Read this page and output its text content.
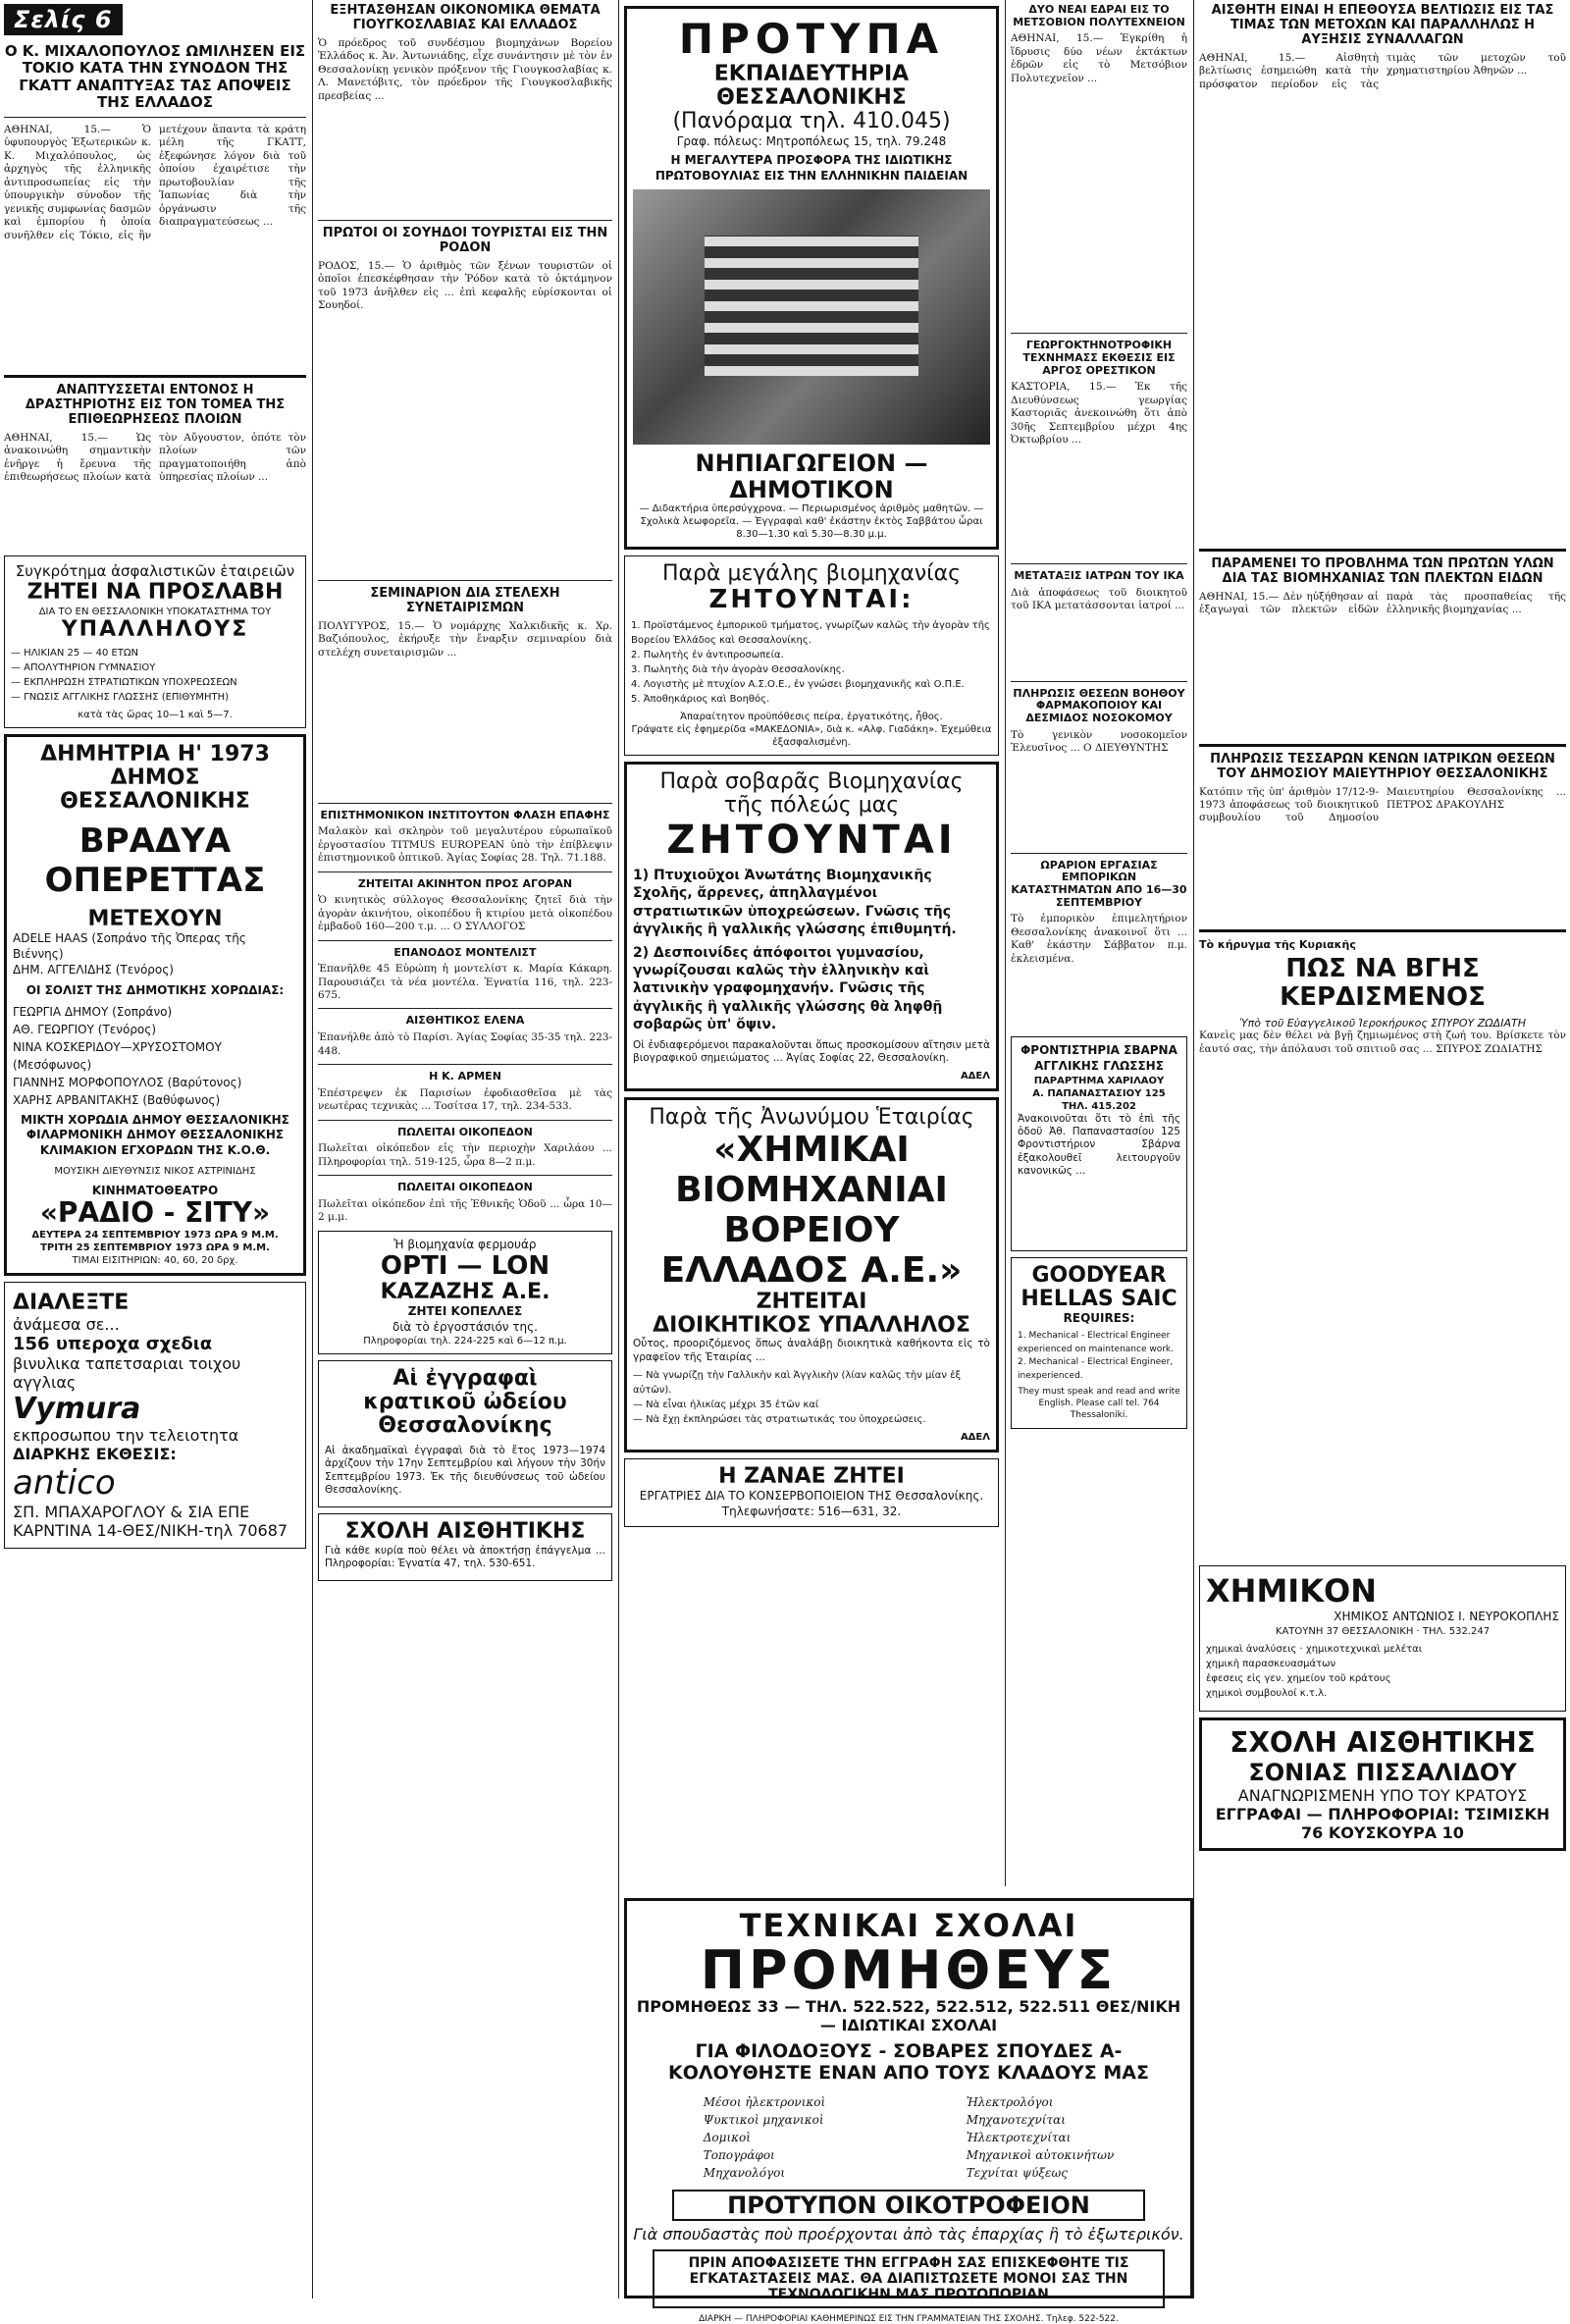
Σελίς 6
Ο Κ. ΜΙΧΑΛΟΠΟΥΛΟΣ ΩΜΙΛΗΣΕΝ ΕΙΣ ΤΟΚΙΟ ΚΑΤΑ ΤΗΝ ΣΥΝΟΔΟΝ ΤΗΣ ΓΚΑΤΤ ΑΝΑΠΤΥΞΑΣ ΤΑΣ ΑΠΟΨΕΙΣ ΤΗΣ ΕΛΛΑΔΟΣ

ΑΘΗΝΑΙ, 15.— Ὁ ὑφυπουργὸς Ἐξωτερικῶν κ. Κ. Μιχαλόπουλος, ὡς ἀρχηγὸς τῆς ἑλληνικῆς ἀντιπροσωπείας εἰς τὴν ὑπουργικὴν σύνοδον τῆς γενικῆς συμφωνίας δασμῶν καὶ ἐμπορίου ἡ ὁποία συνῆλθεν εἰς Τόκιο, εἰς ἣν μετέχουν ἅπαντα τὰ κράτη μέλη τῆς ΓΚΑΤΤ, ἐξεφώνησε λόγον διὰ τοῦ ὁποίου ἐχαιρέτισε τὴν πρωτοβουλίαν τῆς Ἰαπωνίας διὰ τὴν ὀργάνωσιν τῆς διαπραγματεύσεως ...

ΑΝΑΠΤΥΣΣΕΤΑΙ ΕΝΤΟΝΟΣ Η ΔΡΑΣΤΗΡΙΟΤΗΣ ΕΙΣ ΤΟΝ ΤΟΜΕΑ ΤΗΣ ΕΠΙΘΕΩΡΗΣΕΩΣ ΠΛΟΙΩΝ

ΑΘΗΝΑΙ, 15.— Ὡς ἀνακοινώθη σημαντικὴν ἐνῆργε ἡ ἔρευνα τῆς ἐπιθεωρήσεως πλοίων κατὰ τὸν Αὔγουστον, ὁπότε τὸν πλοίων τῶν πραγματοποιήθη ἀπὸ ὑπηρεσίας πλοίων ...

Συγκρότημα ἀσφαλιστικῶν ἑταιρειῶν
ΖΗΤΕΙ ΝΑ ΠΡΟΣΛΑΒΗ
ΔΙΑ ΤΟ ΕΝ ΘΕΣΣΑΛΟΝΙΚΗ ΥΠΟΚΑΤΑΣΤΗΜΑ ΤΟΥ
ΥΠΑΛΛΗΛΟΥΣ
— ΗΛΙΚΙΑΝ 25 — 40 ΕΤΩΝ
— ΑΠΟΛΥΤΗΡΙΟΝ ΓΥΜΝΑΣΙΟΥ
— ΕΚΠΛΗΡΩΣΗ ΣΤΡΑΤΙΩΤΙΚΩΝ ΥΠΟΧΡΕΩΣΕΩΝ
— ΓΝΩΣΙΣ ΑΓΓΛΙΚΗΣ ΓΛΩΣΣΗΣ (ΕΠΙΘΥΜΗΤΗ)
κατὰ τὰς ὥρας 10—1 καὶ 5—7.
ΔΗΜΗΤΡΙΑ Η' 1973
ΔΗΜΟΣ ΘΕΣΣΑΛΟΝΙΚΗΣ
ΒΡΑΔΥΑ ΟΠΕΡΕΤΤΑΣ
ΜΕΤΕΧΟΥΝ
ADELE HAAS (Σοπράνο τῆς Ὀπερας τῆς Βιέννης)
ΔΗΜ. ΑΓΓΕΛΙΔΗΣ (Τενόρος)
ΟΙ ΣΟΛΙΣΤ ΤΗΣ ΔΗΜΟΤΙΚΗΣ ΧΟΡΩΔΙΑΣ:
ΓΕΩΡΓΙΑ ΔΗΜΟΥ (Σοπράνο)
ΑΘ. ΓΕΩΡΓΙΟΥ (Τενόρος)
ΝΙΝΑ ΚΟΣΚΕΡΙΔΟΥ—ΧΡΥΣΟΣΤΟΜΟΥ (Μεσόφωνος)
ΓΙΑΝΝΗΣ ΜΟΡΦΟΠΟΥΛΟΣ (Βαρύτονος)
ΧΑΡΗΣ ΑΡΒΑΝΙΤΑΚΗΣ (Βαθύφωνος)
ΜΙΚΤΗ ΧΟΡΩΔΙΑ ΔΗΜΟΥ ΘΕΣΣΑΛΟΝΙΚΗΣ
ΦΙΛΑΡΜΟΝΙΚΗ ΔΗΜΟΥ ΘΕΣΣΑΛΟΝΙΚΗΣ
ΚΛΙΜΑΚΙΟΝ ΕΓΧΟΡΔΩΝ ΤΗΣ Κ.Ο.Θ.
ΜΟΥΣΙΚΗ ΔΙΕΥΘΥΝΣΙΣ ΝΙΚΟΣ ΑΣΤΡΙΝΙΔΗΣ
ΚΙΝΗΜΑΤΟΘΕΑΤΡΟ
«ΡΑΔΙΟ - ΣΙΤΥ»
ΔΕΥΤΕΡΑ 24 ΣΕΠΤΕΜΒΡΙΟΥ 1973 ΩΡΑ 9 Μ.Μ.
ΤΡΙΤΗ 25 ΣΕΠΤΕΜΒΡΙΟΥ 1973 ΩΡΑ 9 Μ.Μ.
ΤΙΜΑΙ ΕΙΣΙΤΗΡΙΩΝ: 40, 60, 20 δρχ.
ΔΙΑΛΕΞΤΕ
ἀνάμεσα σε...
156 υπεροχα σχεδια
βινυλικα ταπετσαριαι τοιχου αγγλιας
Vymura
εκπροσωπου την τελειοτητα
ΔΙΑΡΚΗΣ ΕΚΘΕΣΙΣ:
antico
ΣΠ. ΜΠΑΧΑΡΟΓΛΟΥ & ΣΙΑ ΕΠΕ
ΚΑΡΝΤΙΝΑ 14-ΘΕΣ/ΝΙΚΗ-τηλ 70687
ΕΞΗΤΑΣΘΗΣΑΝ ΟΙΚΟΝΟΜΙΚΑ ΘΕΜΑΤΑ ΓΙΟΥΓΚΟΣΛΑΒΙΑΣ ΚΑΙ ΕΛΛΑΔΟΣ

Ὁ πρόεδρος τοῦ συνδέσμου βιομηχάνων Βορείου Ἑλλάδος κ. Ἀν. Ἀντωνιάδης, εἶχε συνάντησιν μὲ τὸν ἐν Θεσσαλονίκῃ γενικὸν πρόξενον τῆς Γιουγκοσλαβίας κ. Λ. Μανετόβιτς, τὸν πρόεδρον τῆς Γιουγκοσλαβικῆς πρεσβείας ...

ΠΡΩΤΟΙ ΟΙ ΣΟΥΗΔΟΙ ΤΟΥΡΙΣΤΑΙ ΕΙΣ ΤΗΝ ΡΟΔΟΝ

ΡΟΔΟΣ, 15.— Ὁ ἀριθμὸς τῶν ξένων τουριστῶν οἱ ὁποῖοι ἐπεσκέφθησαν τὴν Ῥόδον κατὰ τὸ ὀκτάμηνον τοῦ 1973 ἀνῆλθεν εἰς ... ἐπὶ κεφαλῆς εὑρίσκονται οἱ Σουηδοί.

ΣΕΜΙΝΑΡΙΟΝ ΔΙΑ ΣΤΕΛΕΧΗ ΣΥΝΕΤΑΙΡΙΣΜΩΝ

ΠΟΛΥΓΥΡΟΣ, 15.— Ὁ νομάρχης Χαλκιδικῆς κ. Χρ. Βαζιόπουλος, ἐκήρυξε τὴν ἔναρξιν σεμιναρίου διὰ στελέχη συνεταιρισμῶν ...

ΕΠΙΣΤΗΜΟΝΙΚΟΝ ΙΝΣΤΙΤΟΥΤΟΝ ΦΛΑΣΗ ΕΠΑΦΗΣ

Μαλακὸν καὶ σκληρὸν τοῦ μεγαλυτέρου εὐρωπαϊκοῦ ἐργοστασίου TITMUS EUROPEAN ὑπὸ τὴν ἐπίβλεψιν ἐπιστημονικοῦ ὀπτικοῦ. Ἁγίας Σοφίας 28. Τηλ. 71.188.

ΖΗΤΕΙΤΑΙ ΑΚΙΝΗΤΟΝ ΠΡΟΣ ΑΓΟΡΑΝ

Ὁ κινητικὸς σύλλογος Θεσσαλονίκης ζητεῖ διὰ τὴν ἀγορὰν ἀκινήτου, οἰκοπέδου ἢ κτιρίου μετὰ οἰκοπέδου ἐμβαδοῦ 160—200 τ.μ. ... Ο ΣΥΛΛΟΓΟΣ

ΕΠΑΝΟΔΟΣ ΜΟΝΤΕΛΙΣΤ

Ἐπανῆλθε 45 Εὐρώπη ἡ μοντελίστ κ. Μαρία Κάκαρη. Παρουσιάζει τὰ νέα μοντέλα. Ἐγνατία 116, τηλ. 223-675.

ΑΙΣΘΗΤΙΚΟΣ ΕΛΕΝΑ

Ἐπανήλθε ἀπὸ τὸ Παρίσι. Ἁγίας Σοφίας 35-35 τηλ. 223-448.

Η Κ. ΑΡΜΕΝ

Ἐπέστρεψεν ἐκ Παρισίων ἐφοδιασθεῖσα μὲ τὰς νεωτέρας τεχνικὰς ... Τοσίτσα 17, τηλ. 234-533.

ΠΩΛΕΙΤΑΙ ΟΙΚΟΠΕΔΟΝ

Πωλεῖται οἰκόπεδον εἰς τὴν περιοχὴν Χαριλάου ... Πληροφορίαι τηλ. 519-125, ὧρα 8—2 π.μ.

ΠΩΛΕΙΤΑΙ ΟΙΚΟΠΕΔΟΝ

Πωλεῖται οἰκόπεδον ἐπὶ τῆς Ἐθνικῆς Ὁδοῦ ... ὧρα 10—2 μ.μ.

Ἡ βιομηχανία φερμουάρ
OPTI — LON
ΚΑΖΑΖΗΣ Α.Ε.
ΖΗΤΕΙ ΚΟΠΕΛΛΕΣ
διὰ τὸ ἐργοστάσιόν της.
Πληροφορίαι τηλ. 224-225 καὶ 6—12 π.μ.
Αἱ ἐγγραφαὶ
κρατικοῦ ὠδείου
Θεσσαλονίκης

Αἱ ἀκαδημαϊκαὶ ἐγγραφαὶ διὰ τὸ ἔτος 1973—1974 ἀρχίζουν τὴν 17ην Σεπτεμβρίου καὶ λήγουν τὴν 30ήν Σεπτεμβρίου 1973. Ἐκ τῆς διευθύνσεως τοῦ ὠδείου Θεσσαλονίκης.

ΣΧΟΛΗ ΑΙΣΘΗΤΙΚΗΣ

Γιὰ κάθε κυρία ποὺ θέλει νὰ ἀποκτήσῃ ἐπάγγελμα ... Πληροφορίαι: Ἐγνατία 47, τηλ. 530-651.

ΠΡΟΤΥΠΑ
ΕΚΠΑΙΔΕΥΤΗΡΙΑ ΘΕΣΣΑΛΟΝΙΚΗΣ
(Πανόραμα τηλ. 410.045)
Γραφ. πόλεως: Μητροπόλεως 15, τηλ. 79.248
Η ΜΕΓΑΛΥΤΕΡΑ ΠΡΟΣΦΟΡΑ ΤΗΣ ΙΔΙΩΤΙΚΗΣ ΠΡΩΤΟΒΟΥΛΙΑΣ ΕΙΣ ΤΗΝ ΕΛΛΗΝΙΚΗΝ ΠΑΙΔΕΙΑΝ
ΝΗΠΙΑΓΩΓΕΙΟΝ — ΔΗΜΟΤΙΚΟΝ
— Διδακτήρια ὑπερσύγχρονα. — Περιωρισμένος ἀριθμὸς μαθητῶν. — Σχολικὰ λεωφορεῖα. — Ἐγγραφαὶ καθ' ἑκάστην ἐκτὸς Σαββάτου ὧραι 8.30—1.30 καὶ 5.30—8.30 μ.μ.
Παρὰ μεγάλης βιομηχανίας
ΖΗΤΟΥΝΤΑΙ:
1. Προϊστάμενος ἐμπορικοῦ τμήματος, γνωρίζων καλῶς τὴν ἀγορὰν τῆς Βορείου Ἑλλάδος καὶ Θεσσαλονίκης.
2. Πωλητὴς ἐν ἀντιπροσωπεία.
3. Πωλητὴς διὰ τὴν ἀγορὰν Θεσσαλονίκης.
4. Λογιστὴς μὲ πτυχίον Α.Σ.Ο.Ε., ἐν γνώσει βιομηχανικῆς καὶ Ο.Π.Ε.
5. Ἀποθηκάριος καὶ Βοηθός.
Ἀπαραίτητον προϋπόθεσις πείρα, ἐργατικότης, ἦθος.
Γράψατε εἰς ἐφημερίδα «ΜΑΚΕΔΟΝΙΑ», διὰ κ. «Αλφ. Γιαδάκη». Ἐχεμύθεια ἐξασφαλισμένη.
Παρὰ σοβαρᾶς Βιομηχανίας
τῆς πόλεώς μας
ΖΗΤΟΥΝΤΑΙ
1) Πτυχιοῦχοι Ἀνωτάτης Βιομηχανικῆς Σχολῆς, ἄρρενες, ἀπηλλαγμένοι στρατιωτικῶν ὑποχρεώσεων. Γνῶσις τῆς ἀγγλικῆς ἢ γαλλικῆς γλώσσης ἐπιθυμητή.
2) Δεσποινίδες ἀπόφοιτοι γυμνασίου, γνωρίζουσαι καλῶς τὴν ἑλληνικὴν καὶ λατινικὴν γραφομηχανήν. Γνῶσις τῆς ἀγγλικῆς ἢ γαλλικῆς γλώσσης θὰ ληφθῇ σοβαρῶς ὑπ' ὄψιν.

Οἱ ἐνδιαφερόμενοι παρακαλοῦνται ὅπως προσκομίσουν αἴτησιν μετὰ βιογραφικοῦ σημειώματος ... Ἁγίας Σοφίας 22, Θεσσαλονίκη.

ΑΔΕΛ
Παρὰ τῆς Ἀνωνύμου Ἑταιρίας
«ΧΗΜΙΚΑΙ ΒΙΟΜΗΧΑΝΙΑΙ
ΒΟΡΕΙΟΥ ΕΛΛΑΔΟΣ Α.Ε.»
ΖΗΤΕΙΤΑΙ
ΔΙΟΙΚΗΤΙΚΟΣ ΥΠΑΛΛΗΛΟΣ

Οὗτος, προοριζόμενος ὅπως ἀναλάβῃ διοικητικὰ καθήκοντα εἰς τὸ γραφεῖον τῆς Ἑταιρίας ...

— Νὰ γνωρίζῃ τὴν Γαλλικὴν καὶ Ἀγγλικὴν (λίαν καλῶς τὴν μίαν ἐξ αὐτῶν).
— Νὰ εἶναι ἡλικίας μέχρι 35 ἐτῶν καί
— Νὰ ἔχῃ ἐκπληρώσει τὰς στρατιωτικάς του ὑποχρεώσεις.
ΑΔΕΛ
Η ΖΑΝΑΕ ΖΗΤΕΙ
ΕΡΓΑΤΡΙΕΣ ΔΙΑ ΤΟ ΚΟΝΣΕΡΒΟΠΟΙΕΙΟΝ ΤΗΣ Θεσσαλονίκης. Τηλεφωνήσατε: 516—631, 32.
ΔΥΟ ΝΕΑΙ ΕΔΡΑΙ ΕΙΣ ΤΟ ΜΕΤΣΟΒΙΟΝ ΠΟΛΥΤΕΧΝΕΙΟΝ

ΑΘΗΝΑΙ, 15.— Ἐγκρίθη ἡ ἵδρυσις δύο νέων ἐκτάκτων ἑδρῶν εἰς τὸ Μετσόβιον Πολυτεχνεῖον ...

ΓΕΩΡΓΟΚΤΗΝΟΤΡΟΦΙΚΗ ΤΕΧΝΗΜΑΣΣ ΕΚΘΕΣΙΣ ΕΙΣ ΑΡΓΟΣ ΟΡΕΣΤΙΚΟΝ

ΚΑΣΤΟΡΙΑ, 15.— Ἐκ τῆς Διευθύνσεως γεωργίας Καστοριᾶς ἀνεκοινώθη ὅτι ἀπὸ 30ῆς Σεπτεμβρίου μέχρι 4ης Ὀκτωβρίου ...

ΜΕΤΑΤΑΞΙΣ ΙΑΤΡΩΝ ΤΟΥ ΙΚΑ

Διὰ ἀποφάσεως τοῦ διοικητοῦ τοῦ ΙΚΑ μετατάσσονται ἰατροί ...

ΠΛΗΡΩΣΙΣ ΘΕΣΕΩΝ ΒΟΗΘΟΥ ΦΑΡΜΑΚΟΠΟΙΟΥ ΚΑΙ ΔΕΣΜΙΔΟΣ ΝΟΣΟΚΟΜΟΥ

Τὸ γενικὸν νοσοκομεῖον Ἐλευσῖνος ... Ο ΔΙΕΥΘΥΝΤΗΣ

ΩΡΑΡΙΟΝ ΕΡΓΑΣΙΑΣ ΕΜΠΟΡΙΚΩΝ ΚΑΤΑΣΤΗΜΑΤΩΝ ΑΠΟ 16—30 ΣΕΠΤΕΜΒΡΙΟΥ

Τὸ ἐμπορικὸν ἐπιμελητήριον Θεσσαλονίκης ἀνακοινοῖ ὅτι ... Καθ' ἑκάστην Σάββατον π.μ. ἐκλεισμένα.

ΦΡΟΝΤΙΣΤΗΡΙΑ ΣΒΑΡΝΑ
ΑΓΓΛΙΚΗΣ ΓΛΩΣΣΗΣ
ΠΑΡΑΡΤΗΜΑ ΧΑΡΙΛΑΟΥ
Α. ΠΑΠΑΝΑΣΤΑΣΙΟΥ 125
ΤΗΛ. 415.202

Ἀνακοινοῦται ὅτι τὸ ἐπὶ τῆς ὁδοῦ Ἀθ. Παπαναστασίου 125 Φροντιστήριον Σβάρνα ἐξακολουθεῖ λειτουργοῦν κανονικῶς ...

GOODYEAR
HELLAS SAIC
REQUIRES:
1. Mechanical - Electrical Engineer experienced on maintenance work.
2. Mechanical - Electrical Engineer, inexperienced.
They must speak and read and write English. Please call tel. 764 Thessaloniki.
ΑΙΣΘΗΤΗ ΕΙΝΑΙ Η ΕΠΕΘΟΥΣΑ ΒΕΛΤΙΩΣΙΣ ΕΙΣ ΤΑΣ ΤΙΜΑΣ ΤΩΝ ΜΕΤΟΧΩΝ ΚΑΙ ΠΑΡΑΛΛΗΛΩΣ Η ΑΥΞΗΣΙΣ ΣΥΝΑΛΛΑΓΩΝ

ΑΘΗΝΑΙ, 15.— Αἰσθητὴ βελτίωσις ἐσημειώθη κατὰ τὴν πρόσφατον περίοδον εἰς τὰς τιμὰς τῶν μετοχῶν τοῦ χρηματιστηρίου Ἀθηνῶν ...

ΠΑΡΑΜΕΝΕΙ ΤΟ ΠΡΟΒΛΗΜΑ ΤΩΝ ΠΡΩΤΩΝ ΥΛΩΝ ΔΙΑ ΤΑΣ ΒΙΟΜΗΧΑΝΙΑΣ ΤΩΝ ΠΛΕΚΤΩΝ ΕΙΔΩΝ

ΑΘΗΝΑΙ, 15.— Δὲν ηὐξήθησαν αἱ ἐξαγωγαὶ τῶν πλεκτῶν εἰδῶν παρὰ τὰς προσπαθείας τῆς ἑλληνικῆς βιομηχανίας ...

ΠΛΗΡΩΣΙΣ ΤΕΣΣΑΡΩΝ ΚΕΝΩΝ ΙΑΤΡΙΚΩΝ ΘΕΣΕΩΝ ΤΟΥ ΔΗΜΟΣΙΟΥ ΜΑΙΕΥΤΗΡΙΟΥ ΘΕΣΣΑΛΟΝΙΚΗΣ

Κατόπιν τῆς ὑπ' ἀριθμὸν 17/12-9-1973 ἀποφάσεως τοῦ διοικητικοῦ συμβουλίου τοῦ Δημοσίου Μαιευτηρίου Θεσσαλονίκης ... ΠΕΤΡΟΣ ΔΡΑΚΟΥΛΗΣ

Τὸ κήρυγμα τῆς Κυριακῆς
ΠΩΣ ΝΑ ΒΓΗΣ ΚΕΡΔΙΣΜΕΝΟΣ
Ὑπὸ τοῦ Εὐαγγελικοῦ Ἱεροκήρυκος ΣΠΥΡΟΥ ΖΩΔΙΑΤΗ

Κανεὶς μας δὲν θέλει νὰ βγῇ ζημιωμένος στὴ ζωή του. Βρίσκετε τὸν ἑαυτό σας, τὴν ἀπόλαυσι τοῦ σπιτιοῦ σας ... ΣΠΥΡΟΣ ΖΩΔΙΑΤΗΣ

ΧΗΜΙΚΟΝ
ΧΗΜΙΚΟΣ ΑΝΤΩΝΙΟΣ Ι. ΝΕΥΡΟΚΟΠΛΗΣ
ΚΑΤΟΥΝΗ 37 ΘΕΣΣΑΛΟΝΙΚΗ · ΤΗΛ. 532.247
χημικαὶ ἀναλύσεις · χημικοτεχνικαὶ μελέται
χημικὴ παρασκευασμάτων
ἐφεσεις εἰς γεν. χημείον τοῦ κράτους
χημικοὶ συμβουλοί κ.τ.λ.
ΣΧΟΛΗ ΑΙΣΘΗΤΙΚΗΣ
ΣΟΝΙΑΣ ΠΙΣΣΑΛΙΔΟΥ
ΑΝΑΓΝΩΡΙΣΜΕΝΗ ΥΠΟ ΤΟΥ ΚΡΑΤΟΥΣ
ΕΓΓΡΑΦΑΙ — ΠΛΗΡΟΦΟΡΙΑΙ: ΤΣΙΜΙΣΚΗ 76 ΚΟΥΣΚΟΥΡΑ 10
ΤΕΧΝΙΚΑΙ ΣΧΟΛΑΙ
ΠΡΟΜΗΘΕΥΣ
ΠΡΟΜΗΘΕΩΣ 33 — ΤΗΛ. 522.522, 522.512, 522.511 ΘΕΣ/ΝΙΚΗ — ΙΔΙΩΤΙΚΑΙ ΣΧΟΛΑΙ
ΓΙΑ ΦΙΛΟΔΟΞΟΥΣ - ΣΟΒΑΡΕΣ ΣΠΟΥΔΕΣ Α-ΚΟΛΟΥΘΗΣΤΕ ΕΝΑΝ ΑΠΟ ΤΟΥΣ ΚΛΑΔΟΥΣ ΜΑΣ
Μέσοι ἠλεκτρονικοὶ
Ψυκτικοὶ μηχανικοὶ
Δομικοὶ
Τοπογράφοι
Μηχανολόγοι
Ἠλεκτρολόγοι
Μηχανοτεχνίται
Ἠλεκτροτεχνίται
Μηχανικοὶ αὐτοκινήτων
Τεχνίται ψύξεως
ΠΡΟΤΥΠΟΝ ΟΙΚΟΤΡΟΦΕΙΟΝ
Γιὰ σπουδαστὰς ποὺ προέρχονται ἀπὸ τὰς ἐπαρχίας ἢ τὸ ἐξωτερικόν.
ΠΡΙΝ ΑΠΟΦΑΣΙΣΕΤΕ ΤΗΝ ΕΓΓΡΑΦΗ ΣΑΣ ΕΠΙΣΚΕΦΘΗΤΕ ΤΙΣ ΕΓΚΑΤΑΣΤΑΣΕΙΣ ΜΑΣ. ΘΑ ΔΙΑΠΙΣΤΩΣΕΤΕ ΜΟΝΟΙ ΣΑΣ ΤΗΝ ΤΕΧΝΟΛΟΓΙΚΗΝ ΜΑΣ ΠΡΩΤΟΠΟΡΙΑΝ
ΔΙΑΡΚΗ — ΠΛΗΡΟΦΟΡΙΑΙ ΚΑΘΗΜΕΡΙΝΩΣ ΕΙΣ ΤΗΝ ΓΡΑΜΜΑΤΕΙΑΝ ΤΗΣ ΣΧΟΛΗΣ. Τηλεφ. 522-522.
